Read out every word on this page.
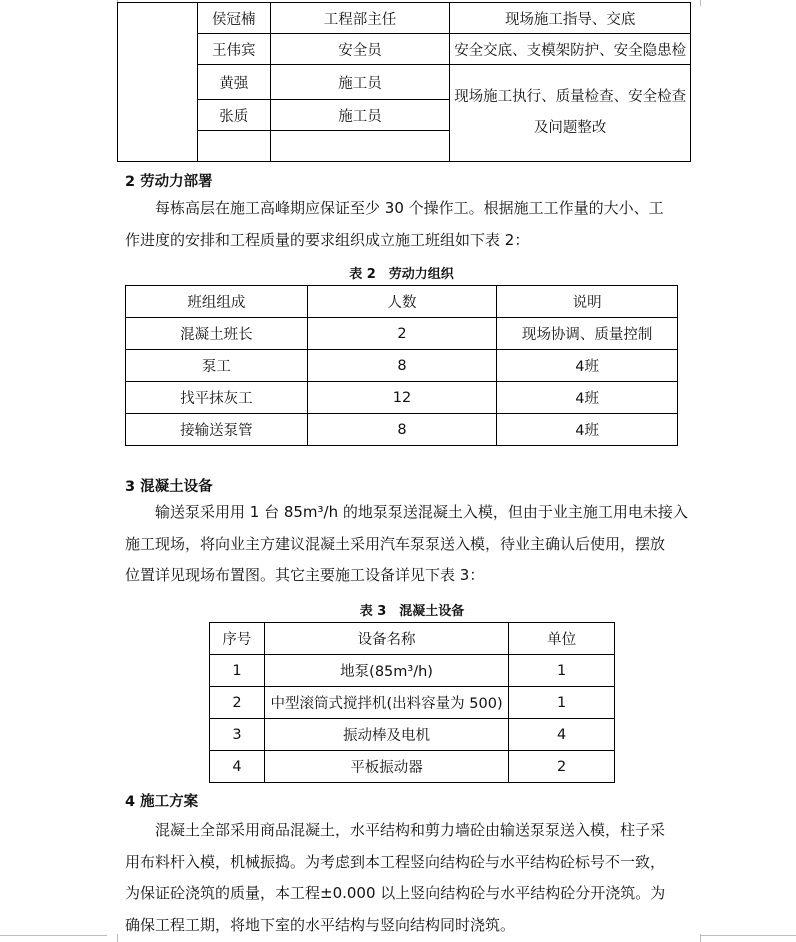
	侯冠楠	工程部主任	现场施工指导、交底
	王伟宾	安全员	安全交底、支模架防护、安全隐患检
	黄强	施工员	现场施工执行、质量检查、安全检查
及问题整改

	张质	施工员	

2 劳动力部署
每栋高层在施工高峰期应保证至少 30 个操作工。根据施工工作量的大小、工
作进度的安排和工程质量的要求组织成立施工班组如下表 2：
表 2　劳动力组织
班组组成	人数	说明
混凝土班长	2	现场协调、质量控制
泵工	8	4班
找平抹灰工	12	4班
接输送泵管	8	4班
3 混凝土设备
输送泵采用用 1 台 85m³/h 的地泵泵送混凝土入模，但由于业主施工用电未接入
施工现场，将向业主方建议混凝土采用汽车泵泵送入模，待业主确认后使用，摆放
位置详见现场布置图。其它主要施工设备详见下表 3：
表 3　混凝土设备
序号	设备名称	单位
1	地泵(85m³/h)	1
2	中型滚筒式搅拌机(出料容量为 500)	1
3	振动棒及电机	4
4	平板振动器	2
4 施工方案
混凝土全部采用商品混凝土，水平结构和剪力墙砼由输送泵泵送入模，柱子采
用布料杆入模，机械振捣。为考虑到本工程竖向结构砼与水平结构砼标号不一致，
为保证砼浇筑的质量，本工程±0.000 以上竖向结构砼与水平结构砼分开浇筑。为
确保工程工期，将地下室的水平结构与竖向结构同时浇筑。
